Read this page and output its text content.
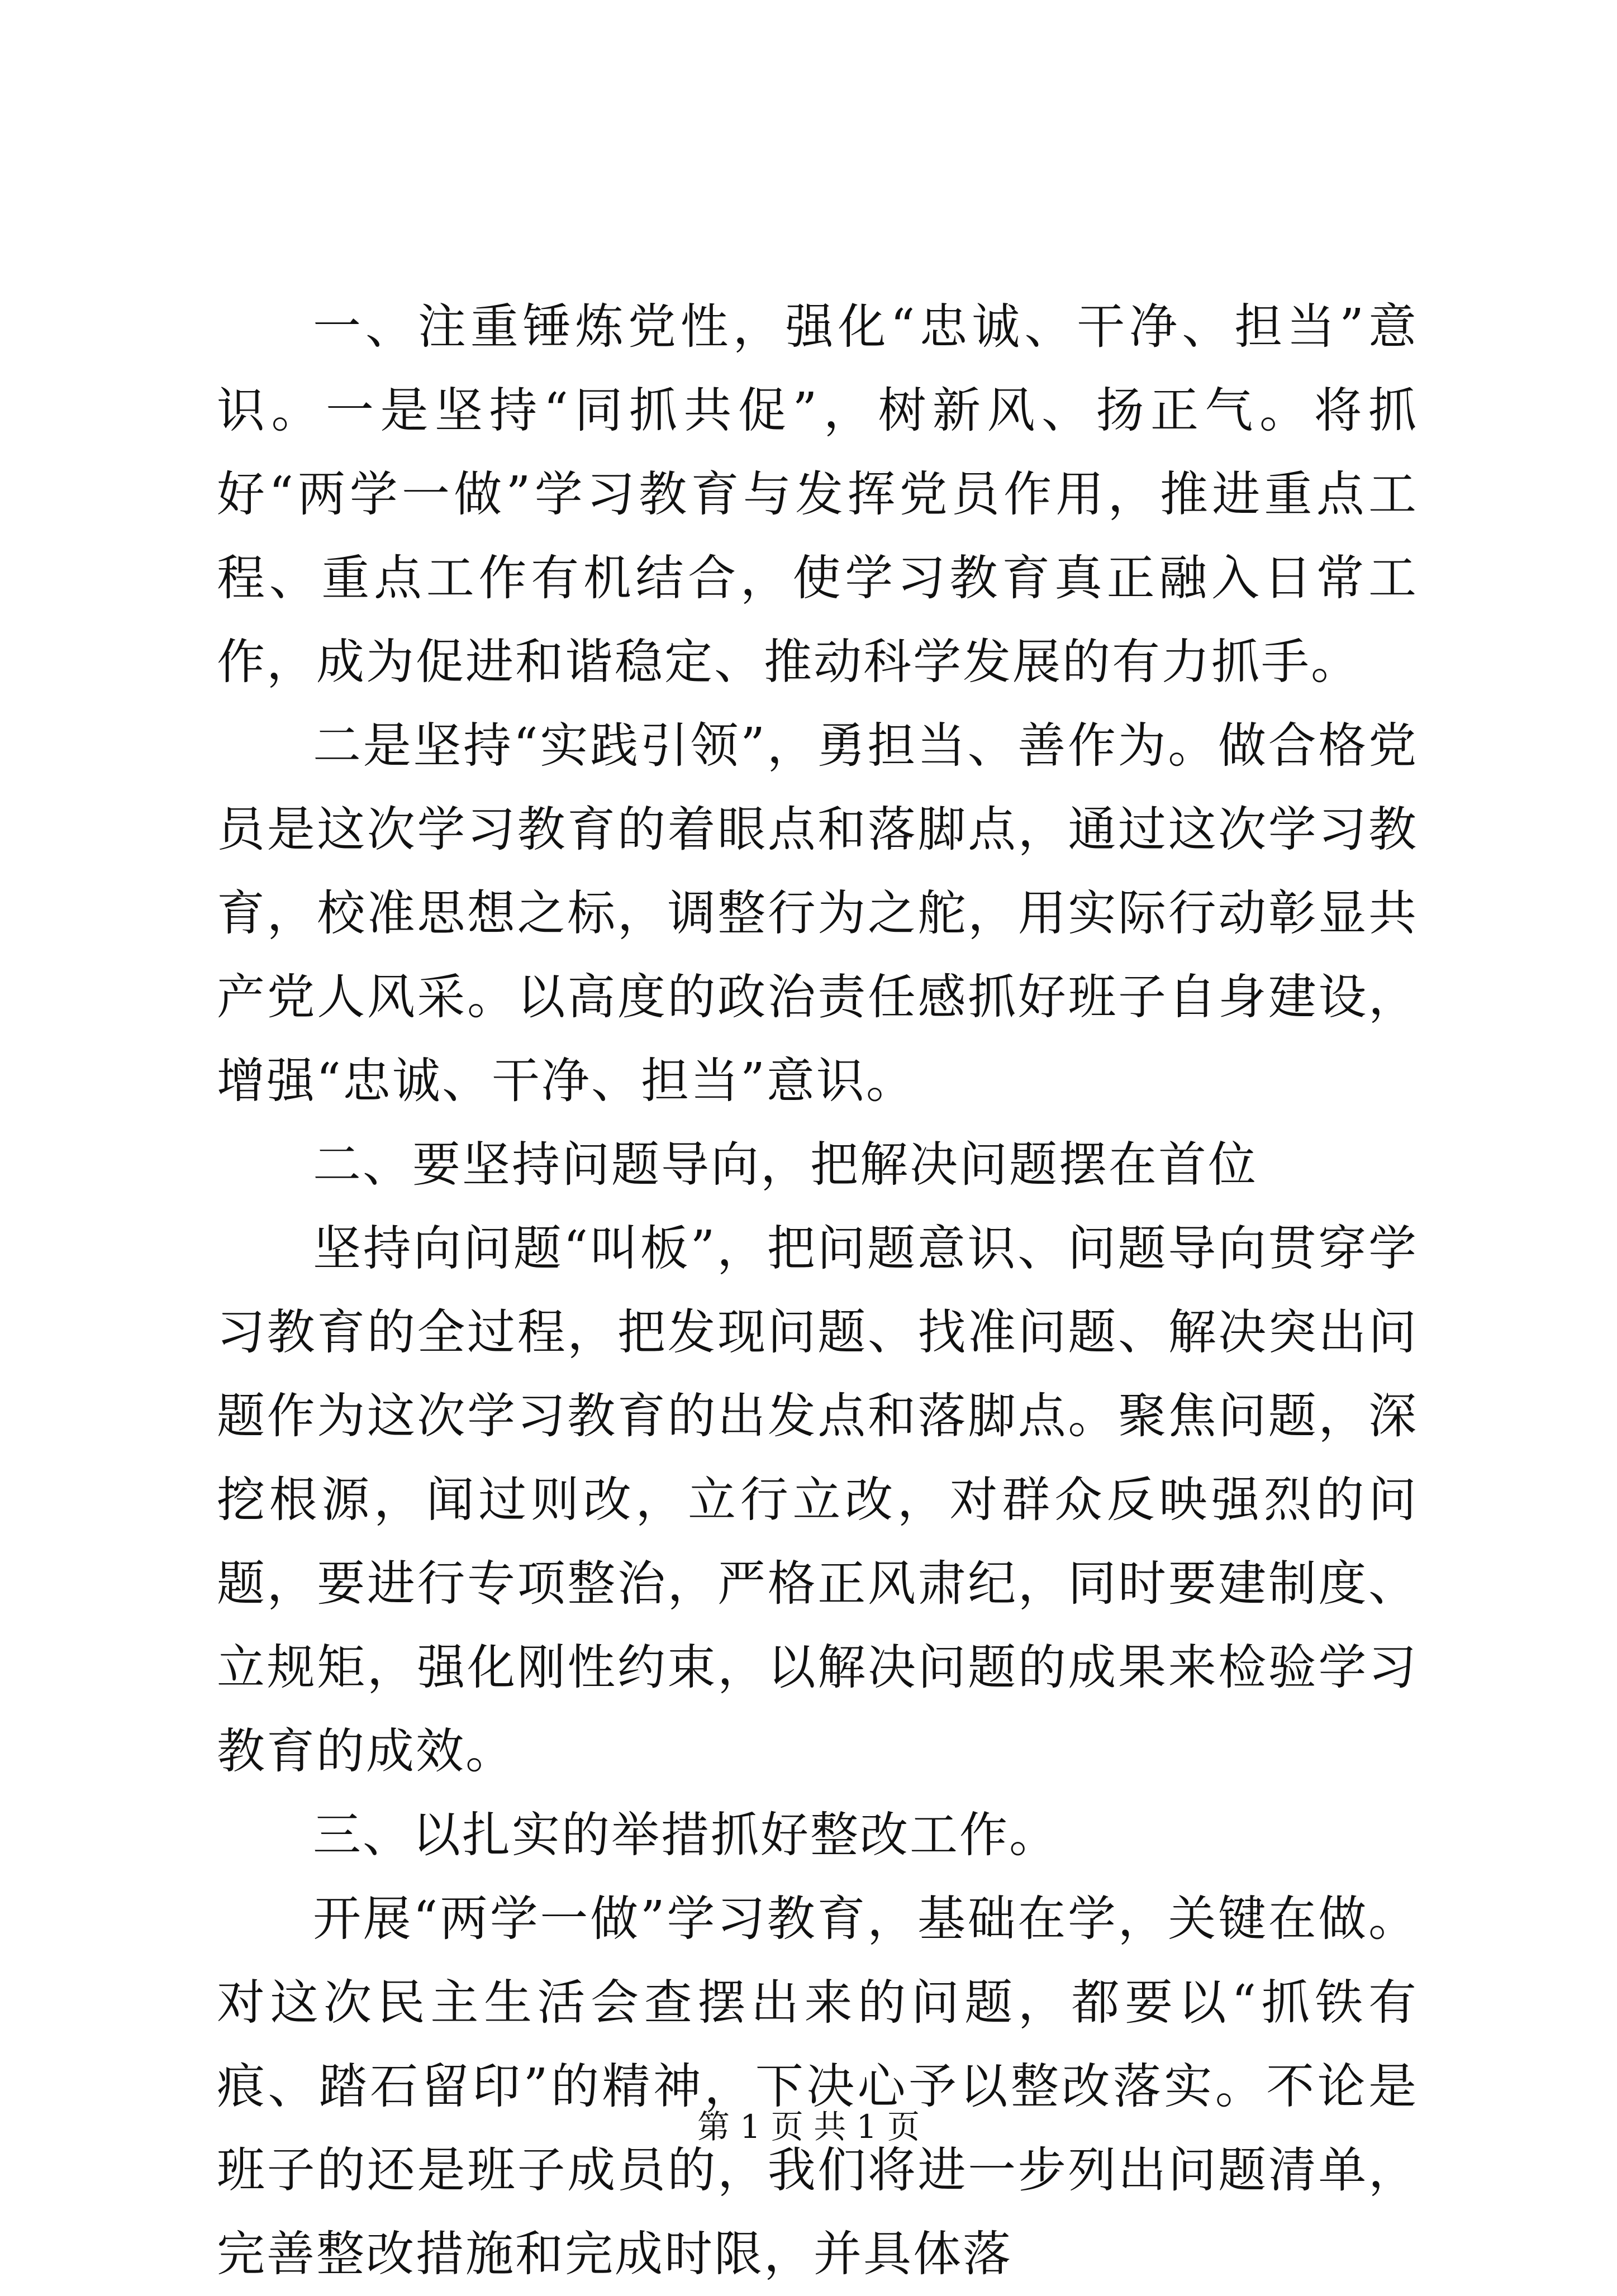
一、注重锤炼党性，强化“忠诚、干净、担当”意识。一是坚持“同抓共促”，树新风、扬正气。将抓好“两学一做”学习教育与发挥党员作用，推进重点工程、重点工作有机结合，使学习教育真正融入日常工作，成为促进和谐稳定、推动科学发展的有力抓手。

二是坚持“实践引领”，勇担当、善作为。做合格党员是这次学习教育的着眼点和落脚点，通过这次学习教育，校准思想之标，调整行为之舵，用实际行动彰显共产党人风采。以高度的政治责任感抓好班子自身建设，增强“忠诚、干净、担当”意识。

二、要坚持问题导向，把解决问题摆在首位

坚持向问题“叫板”，把问题意识、问题导向贯穿学习教育的全过程，把发现问题、找准问题、解决突出问题作为这次学习教育的出发点和落脚点。聚焦问题，深挖根源，闻过则改，立行立改，对群众反映强烈的问题，要进行专项整治，严格正风肃纪，同时要建制度、立规矩，强化刚性约束，以解决问题的成果来检验学习教育的成效。

三、以扎实的举措抓好整改工作。

开展“两学一做”学习教育，基础在学，关键在做。对这次民主生活会查摆出来的问题，都要以“抓铁有痕、踏石留印”的精神，下决心予以整改落实。不论是班子的还是班子成员的，我们将进一步列出问题清单，完善整改措施和完成时限，并具体落

第 1 页 共 1 页
